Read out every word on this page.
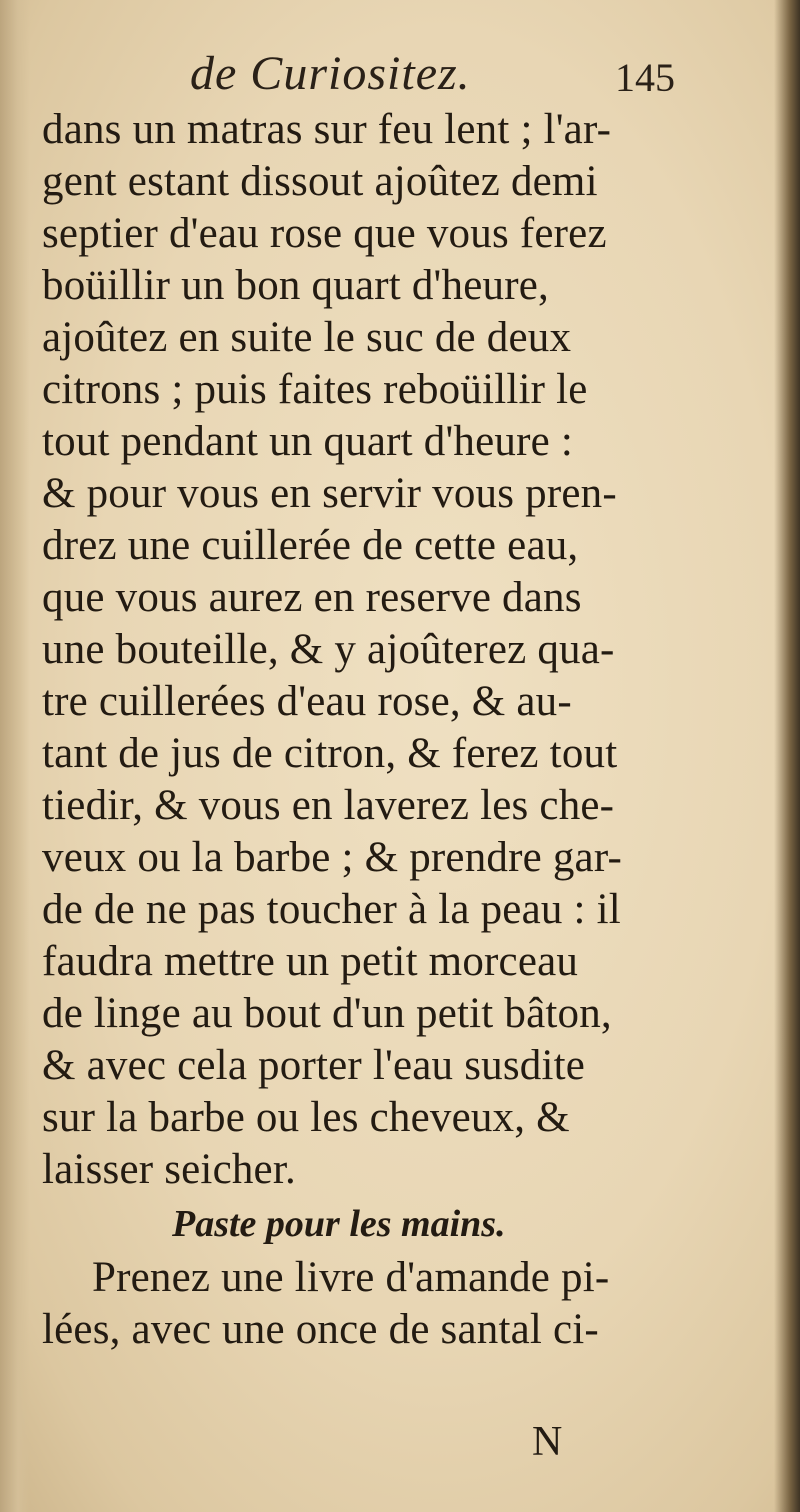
de Curiositez.	145
dans un matras sur feu lent ; l'ar-
gent estant dissout ajoûtez demi
septier d'eau rose que vous ferez
boüillir un bon quart d'heure,
ajoûtez en suite le suc de deux
citrons ; puis faites reboüillir le
tout pendant un quart d'heure :
& pour vous en servir vous pren-
drez une cuillerée de cette eau,
que vous aurez en reserve dans
une bouteille, & y ajoûterez qua-
tre cuillerées d'eau rose, & au-
tant de jus de citron, & ferez tout
tiedir, & vous en laverez les che-
veux ou la barbe ; & prendre gar-
de de ne pas toucher à la peau : il
faudra mettre un petit morceau
de linge au bout d'un petit bâton,
& avec cela porter l'eau susdite
sur la barbe ou les cheveux, &
laisser seicher.
Paste pour les mains.
Prenez une livre d'amande pi-
lées, avec une once de santal ci-
N
